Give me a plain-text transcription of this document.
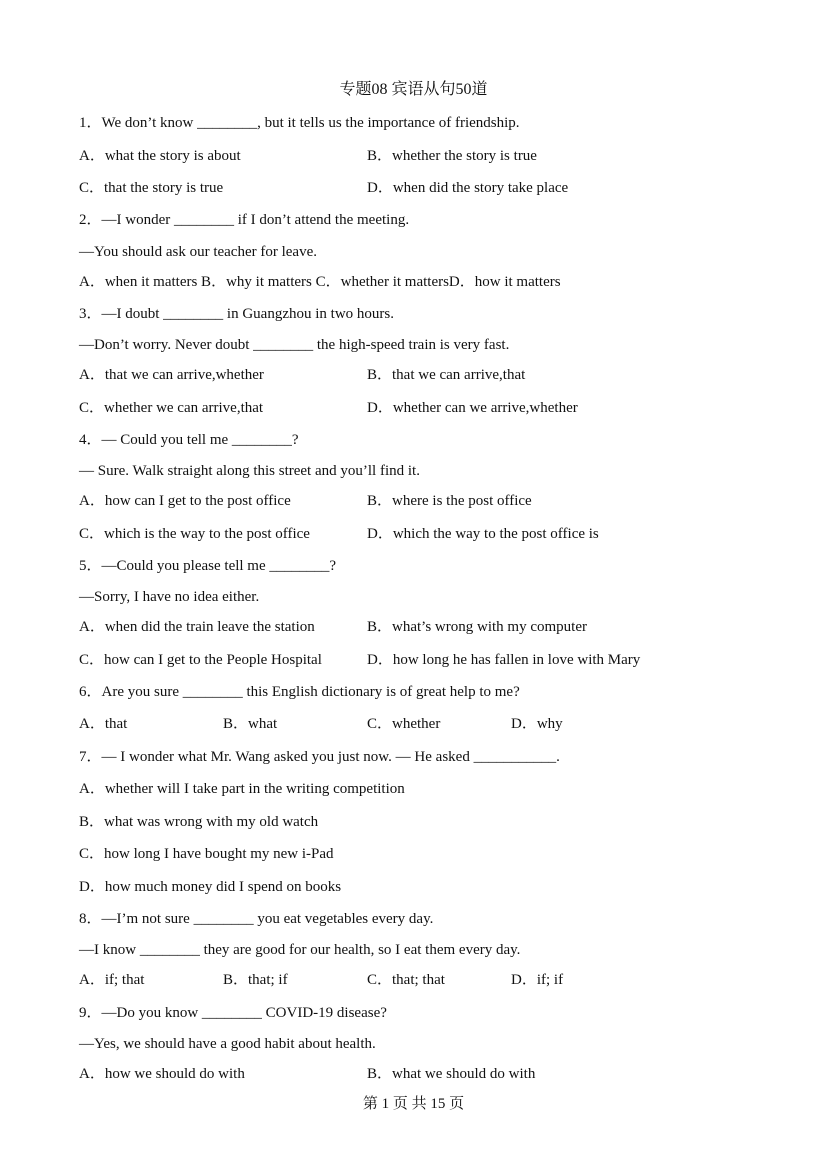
专题08 宾语从句50道
1．We don’t know ________, but it tells us the importance of friendship.
A．what the story is about	B．whether the story is true
C．that the story is true	D．when did the story take place
2．—I wonder ________ if I don’t attend the meeting.
—You should ask our teacher for leave.
A．when it matters B．why it matters C．whether it mattersD．how it matters
3．—I doubt ________ in Guangzhou in two hours.
—Don’t worry. Never doubt ________ the high-speed train is very fast.
A．that we can arrive,whether	B．that we can arrive,that
C．whether we can arrive,that	D．whether can we arrive,whether
4．— Could you tell me ________?
— Sure. Walk straight along this street and you’ll find it.
A．how can I get to the post office	B．where is the post office
C．which is the way to the post office	D．which the way to the post office is
5．—Could you please tell me ________?
—Sorry, I have no idea either.
A．when did the train leave the station	B．what’s wrong with my computer
C．how can I get to the People Hospital	D．how long he has fallen in love with Mary
6．Are you sure ________ this English dictionary is of great help to me?
A．that	B．what	C．whether	D．why
7．— I wonder what Mr. Wang asked you just now. — He asked ___________.
A．whether will I take part in the writing competition
B．what was wrong with my old watch
C．how long I have bought my new i-Pad
D．how much money did I spend on books
8．—I’m not sure ________ you eat vegetables every day.
—I know ________ they are good for our health, so I eat them every day.
A．if; that	B．that; if	C．that; that	D．if; if
9．—Do you know ________ COVID-19 disease?
—Yes, we should have a good habit about health.
A．how we should do with	B．what we should do with
第 1 页 共 15 页
